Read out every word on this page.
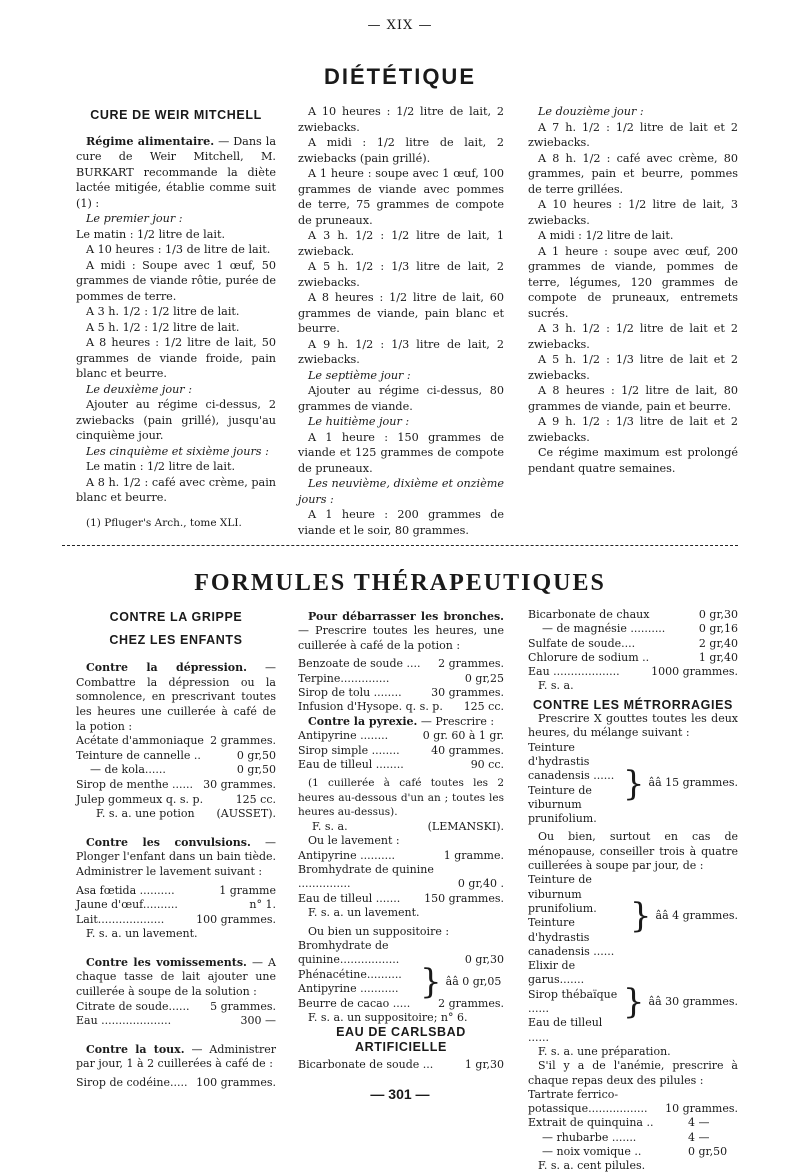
— XIX —
DIÉTÉTIQUE
CURE DE WEIR MITCHELL

Régime alimentaire. — Dans la cure de Weir Mitchell, M. BURKART recommande la diète lactée mitigée, établie comme suit (1) :

Le premier jour :

Le matin : 1/2 litre de lait.

A 10 heures : 1/3 de litre de lait.

A midi : Soupe avec 1 œuf, 50 grammes de viande rôtie, purée de pommes de terre.

A 3 h. 1/2 : 1/2 litre de lait.

A 5 h. 1/2 : 1/2 litre de lait.

A 8 heures : 1/2 litre de lait, 50 grammes de viande froide, pain blanc et beurre.

Le deuxième jour :

Ajouter au régime ci-dessus, 2 zwiebacks (pain grillé), jusqu'au cinquième jour.

Les cinquième et sixième jours :

Le matin : 1/2 litre de lait.

A 8 h. 1/2 : café avec crème, pain blanc et beurre.

(1) Pfluger's Arch., tome XLI.

A 10 heures : 1/2 litre de lait, 2 zwiebacks.

A midi : 1/2 litre de lait, 2 zwiebacks (pain grillé).

A 1 heure : soupe avec 1 œuf, 100 grammes de viande avec pommes de terre, 75 grammes de compote de pruneaux.

A 3 h. 1/2 : 1/2 litre de lait, 1 zwieback.

A 5 h. 1/2 : 1/3 litre de lait, 2 zwiebacks.

A 8 heures : 1/2 litre de lait, 60 grammes de viande, pain blanc et beurre.

A 9 h. 1/2 : 1/3 litre de lait, 2 zwiebacks.

Le septième jour :

Ajouter au régime ci-dessus, 80 grammes de viande.

Le huitième jour :

A 1 heure : 150 grammes de viande et 125 grammes de compote de pruneaux.

Les neuvième, dixième et onzième jours :

A 1 heure : 200 grammes de viande et le soir, 80 grammes.

Le douzième jour :

A 7 h. 1/2 : 1/2 litre de lait et 2 zwiebacks.

A 8 h. 1/2 : café avec crème, 80 grammes, pain et beurre, pommes de terre grillées.

A 10 heures : 1/2 litre de lait, 3 zwiebacks.

A midi : 1/2 litre de lait.

A 1 heure : soupe avec œuf, 200 grammes de viande, pommes de terre, légumes, 120 grammes de compote de pruneaux, entremets sucrés.

A 3 h. 1/2 : 1/2 litre de lait et 2 zwiebacks.

A 5 h. 1/2 : 1/3 litre de lait et 2 zwiebacks.

A 8 heures : 1/2 litre de lait, 80 grammes de viande, pain et beurre.

A 9 h. 1/2 : 1/3 litre de lait et 2 zwiebacks.

Ce régime maximum est prolongé pendant quatre semaines.

FORMULES THÉRAPEUTIQUES
CONTRE LA GRIPPE
CHEZ LES ENFANTS

Contre la dépression. — Combattre la dépression ou la somnolence, en prescrivant toutes les heures une cuillerée à café de la potion :

Acétate d'ammoniaque 2 grammes.
Teinture de cannelle ..	0 gr,50
— de kola......	0 gr,50
Sirop de menthe ...... 30 grammes.
Julep gommeux q. s. p.	125 cc.
F. s. a. une potion	(AUSSET).

Contre les convulsions. — Plonger l'enfant dans un bain tiède. Administrer le lavement suivant :

Asa fœtida ..........	1 gramme
Jaune d'œuf..........	n° 1.
Lait...................	100 grammes.

F. s. a. un lavement.

Contre les vomissements. — A chaque tasse de lait ajouter une cuillerée à soupe de la solution :

Citrate de soude...... 5 grammes.
Eau ....................	300 —

Contre la toux. — Administrer par jour, 1 à 2 cuillerées à café de :

Sirop de codéine..... 100 grammes.

Pour débarrasser les bronches. — Prescrire toutes les heures, une cuillerée à café de la potion :

Benzoate de soude .... 2 grammes.
Terpine..............	0 gr,25
Sirop de tolu ........	30 grammes.
Infusion d'Hysope. q. s. p. 125 cc.

Contre la pyrexie. — Prescrire :

Antipyrine ........	0 gr. 60 à 1 gr.
Sirop simple ........	40 grammes.
Eau de tilleul ........	90 cc.

(1 cuillerée à café toutes les 2 heures au-dessous d'un an ; toutes les heures au-dessus).

F. s. a.	(LEMANSKI).

Ou le lavement :

Antipyrine ..........	1 gramme.
Bromhydrate de quinine ...............	0 gr,40 .
Eau de tilleul ....... 150 grammes.

F. s. a. un lavement.

Ou bien un suppositoire :

Bromhydrate de quinine.................	0 gr,30
Phénacétine..........
Antipyrine ........... } ââ 0 gr,05
Beurre de cacao .....	2 grammes.

F. s. a. un suppositoire; n° 6.

EAU DE CARLSBAD
ARTIFICIELLE
Bicarbonate de soude ...	1 gr,30
Bicarbonate de chaux	0 gr,30
— de magnésie ..........	0 gr,16
Sulfate de soude....	2 gr,40
Chlorure de sodium ..	1 gr,40
Eau ...................	1000 grammes.

F. s. a.

CONTRE LES MÉTRORRAGIES

Prescrire X gouttes toutes les deux heures, du mélange suivant :

Teinture d'hydrastis canadensis ......
Teinture de viburnum prunifolium.
} ââ 15 grammes.

Ou bien, surtout en cas de ménopause, conseiller trois à quatre cuillerées à soupe par jour, de :

Teinture de viburnum prunifolium.
Teinture d'hydrastis canadensis ......
} ââ 4 grammes.
Elixir de garus.......
Sirop thébaïque ......
Eau de tilleul ......
} ââ 30 grammes.

F. s. a. une préparation.

S'il y a de l'anémie, prescrire à chaque repas deux des pilules :

Tartrate ferrico-potassique.................	10 grammes.
Extrait de quinquina ..	4 —
— rhubarbe .......	4 —
— noix vomique ..	0 gr,50

F. s. a. cent pilules.

— 301 —
